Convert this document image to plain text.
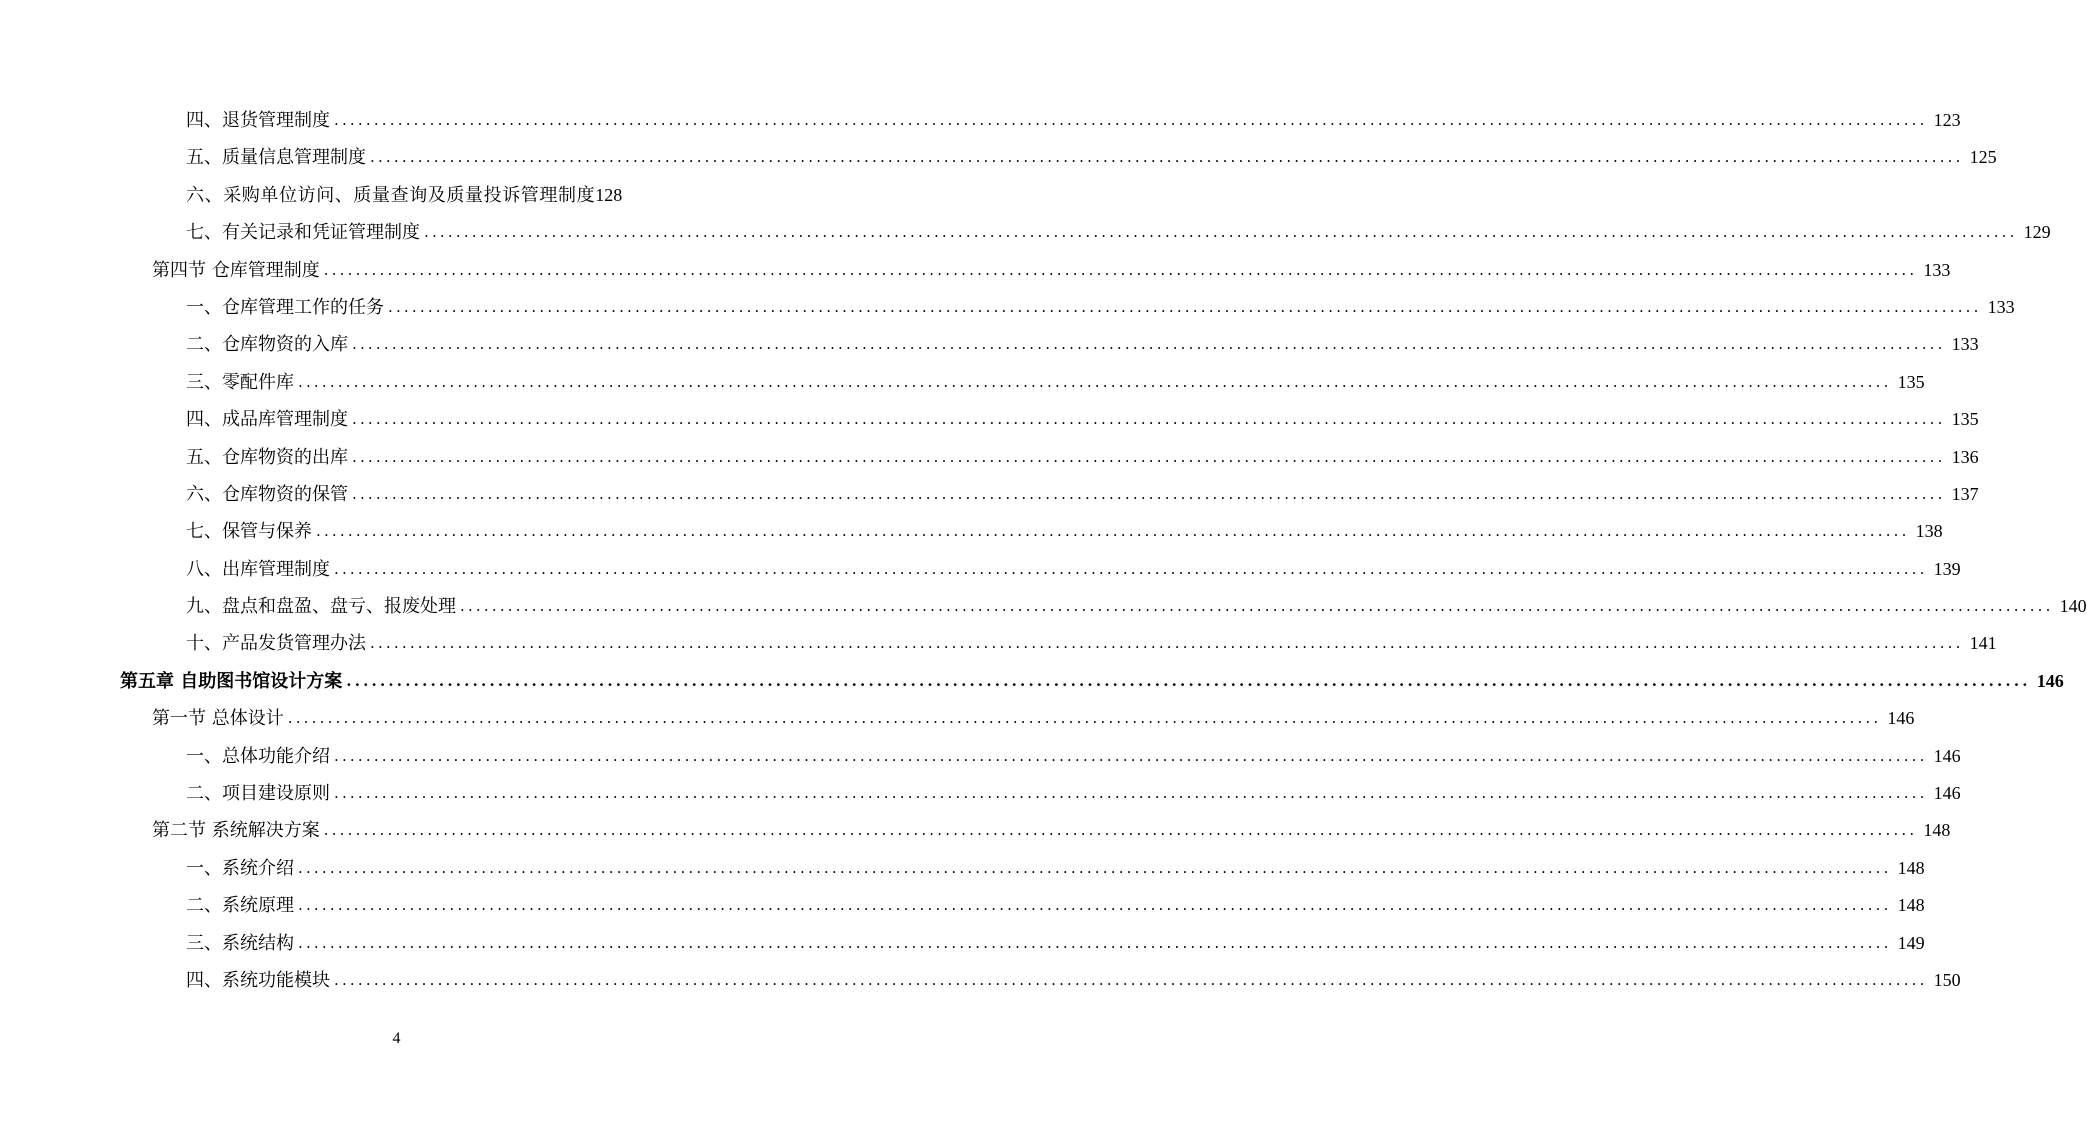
四、退货管理制度 ........................................................................................................................................................................................................ 123
五、质量信息管理制度 ........................................................................................................................................................................................................ 125
六、采购单位访问、质量查询及质量投诉管理制度 128
七、有关记录和凭证管理制度 ........................................................................................................................................................................................................ 129
第四节 仓库管理制度 ........................................................................................................................................................................................................ 133
一、仓库管理工作的任务 ........................................................................................................................................................................................................ 133
二、仓库物资的入库 ........................................................................................................................................................................................................ 133
三、零配件库 ........................................................................................................................................................................................................ 135
四、成品库管理制度 ........................................................................................................................................................................................................ 135
五、仓库物资的出库 ........................................................................................................................................................................................................ 136
六、仓库物资的保管 ........................................................................................................................................................................................................ 137
七、保管与保养 ........................................................................................................................................................................................................ 138
八、出库管理制度 ........................................................................................................................................................................................................ 139
九、盘点和盘盈、盘亏、报废处理 ........................................................................................................................................................................................................ 140
十、产品发货管理办法 ........................................................................................................................................................................................................ 141
第五章 自助图书馆设计方案 ........................................................................................................................................................................................................ 146
第一节 总体设计 ........................................................................................................................................................................................................ 146
一、总体功能介绍 ........................................................................................................................................................................................................ 146
二、项目建设原则 ........................................................................................................................................................................................................ 146
第二节 系统解决方案 ........................................................................................................................................................................................................ 148
一、系统介绍 ........................................................................................................................................................................................................ 148
二、系统原理 ........................................................................................................................................................................................................ 148
三、系统结构 ........................................................................................................................................................................................................ 149
四、系统功能模块 ........................................................................................................................................................................................................ 150
4
